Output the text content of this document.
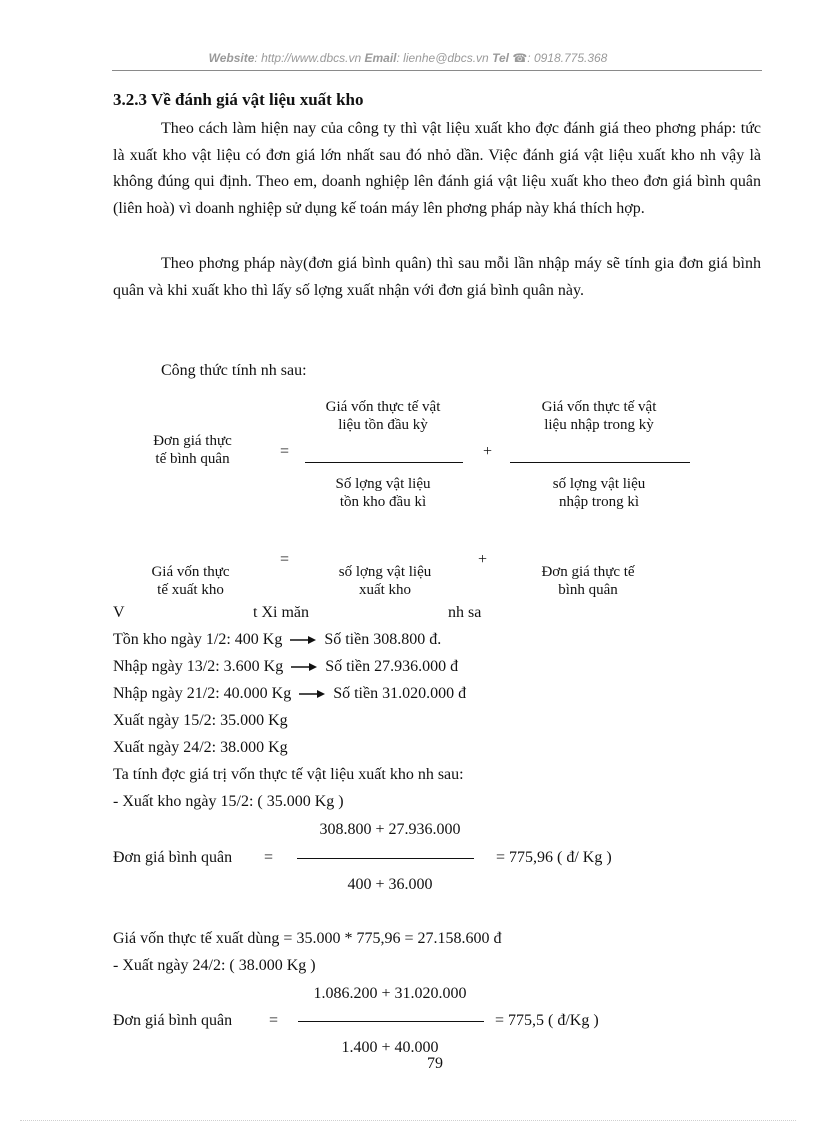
Website: http://www.dbcs.vn Email: lienhe@dbcs.vn Tel ☎: 0918.775.368
3.2.3 Về đánh giá vật liệu xuất kho
Theo cách làm hiện nay của công ty thì vật liệu xuất kho đợc đánh giá theo phơng pháp: tức là xuất kho vật liệu có đơn giá lớn nhất sau đó nhỏ dần. Việc đánh giá vật liệu xuất kho nh vậy là không đúng qui định. Theo em, doanh nghiệp lên đánh giá vật liệu xuất kho theo đơn giá bình quân (liên hoà) vì doanh nghiệp sử dụng kế toán máy lên phơng pháp này khá thích hợp.
Theo phơng pháp này(đơn giá bình quân) thì sau mỗi lần nhập máy sẽ tính gia đơn giá bình quân và khi xuất kho thì lấy số lợng xuất nhận với đơn giá bình quân này.
Công thức tính nh sau:
Giá vốn thực tế vật
liệu tồn đầu kỳ
Giá vốn thực tế vật
liệu nhập trong kỳ
Đơn giá thực
tế bình quân	=	+
Số lợng vật liệu
tồn kho đầu kì
số lợng vật liệu
nhập trong kì
=	+
Giá vốn thực
tế xuất kho
số lợng vật liệu
xuất kho
Đơn giá thực tế
bình quân
V	t Xi măn	nh sa
Tồn kho ngày 1/2: 400 Kg	Số tiền 308.800 đ.
Nhập ngày 13/2: 3.600 Kg	Số tiền 27.936.000 đ
Nhập ngày 21/2: 40.000 Kg	Số tiền 31.020.000 đ
Xuất ngày 15/2: 35.000 Kg
Xuất ngày 24/2: 38.000 Kg
Ta tính đợc giá trị vốn thực tế vật liệu xuất kho nh sau:
- Xuất kho ngày 15/2: ( 35.000 Kg )
308.800 + 27.936.000
Đơn giá bình quân =	= 775,96 ( đ/ Kg )
400 + 36.000
Giá vốn thực tế xuất dùng = 35.000 * 775,96 = 27.158.600 đ
- Xuất ngày 24/2: ( 38.000 Kg )
1.086.200 + 31.020.000
Đơn giá bình quân =	= 775,5 ( đ/Kg )
1.400 + 40.000
79
